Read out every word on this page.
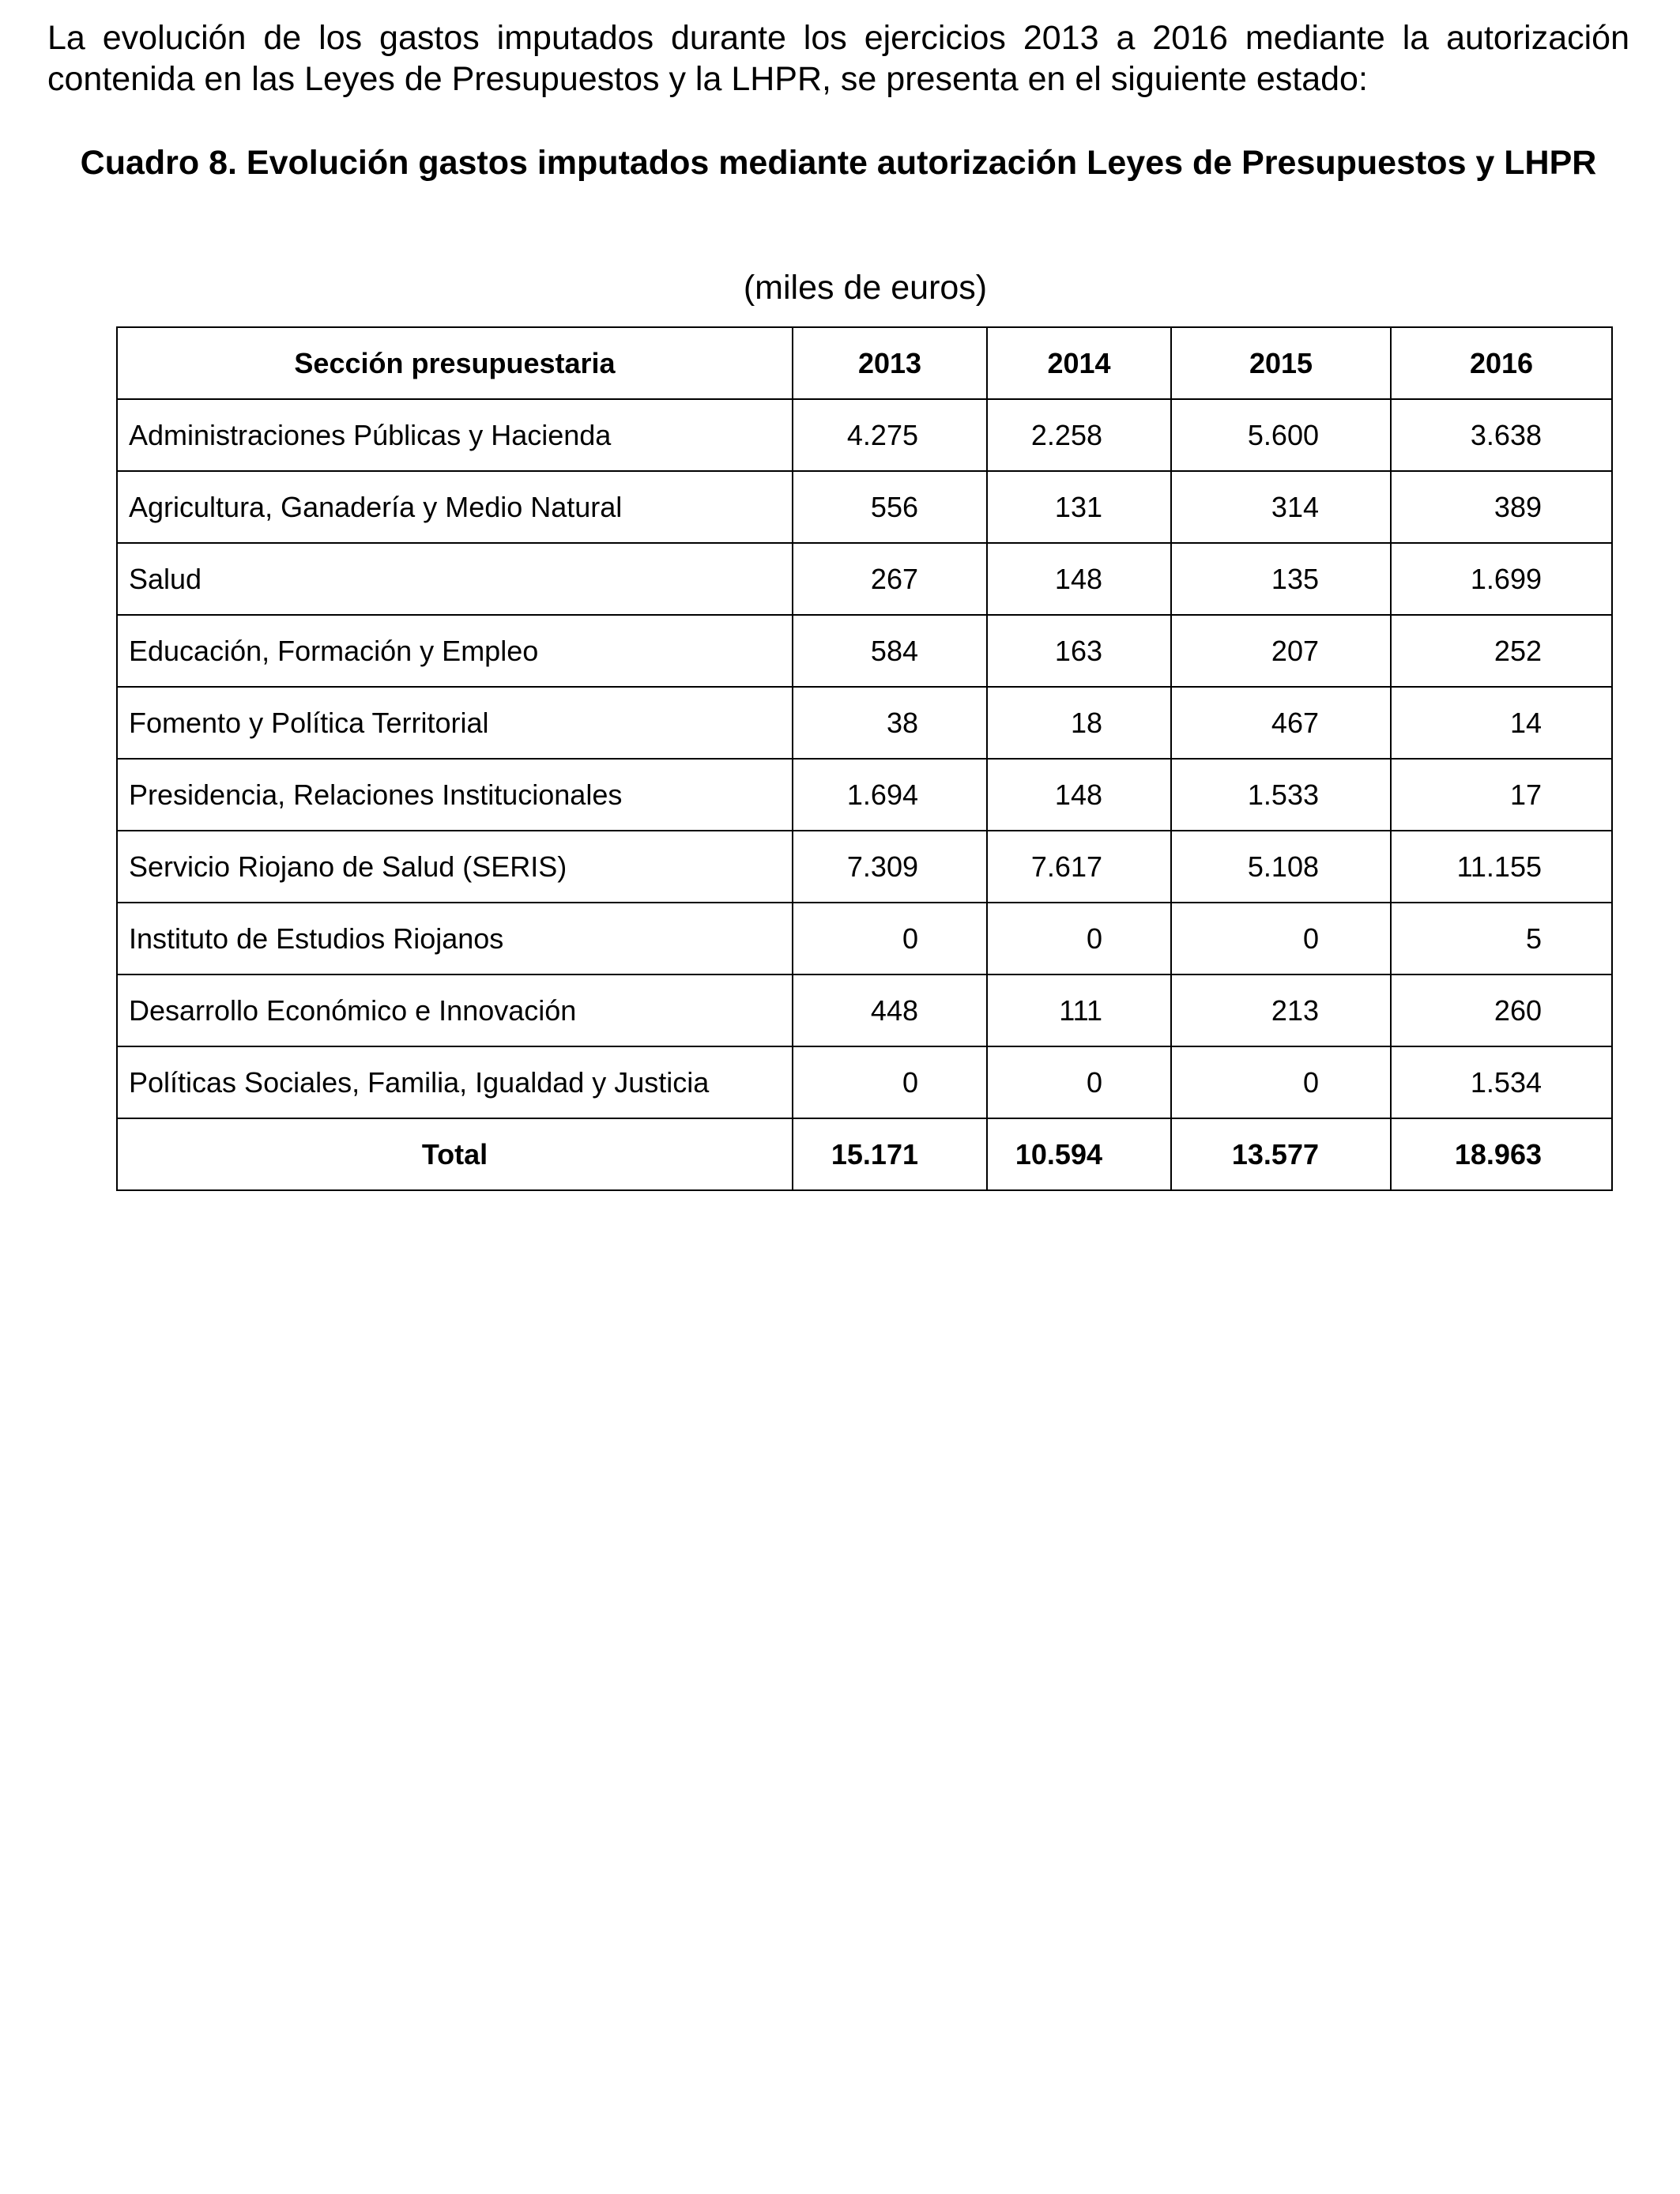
La evolución de los gastos imputados durante los ejercicios 2013 a 2016 mediante la autorización contenida en las Leyes de Presupuestos y la LHPR, se presenta en el siguiente estado:

Cuadro 8. Evolución gastos imputados mediante autorización Leyes de Presupuestos y LHPR

(miles de euros)

Sección presupuestaria	2013	2014	2015	2016
Administraciones Públicas y Hacienda	4.275	2.258	5.600	3.638
Agricultura, Ganadería y Medio Natural	556	131	314	389
Salud	267	148	135	1.699
Educación, Formación y Empleo	584	163	207	252
Fomento y Política Territorial	38	18	467	14
Presidencia, Relaciones Institucionales	1.694	148	1.533	17
Servicio Riojano de Salud (SERIS)	7.309	7.617	5.108	11.155
Instituto de Estudios Riojanos	0	0	0	5
Desarrollo Económico e Innovación	448	111	213	260
Políticas Sociales, Familia, Igualdad y Justicia	0	0	0	1.534
Total	15.171	10.594	13.577	18.963
